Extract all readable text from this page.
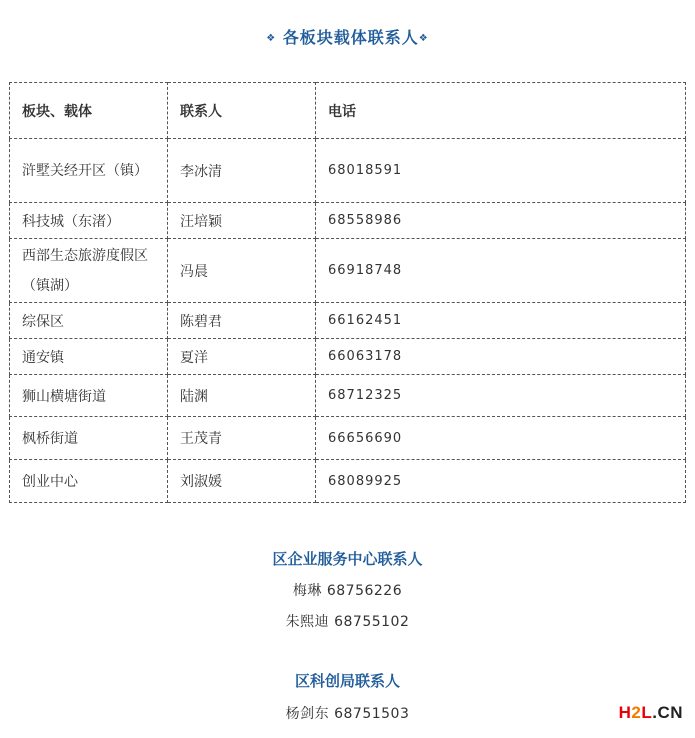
❖ 各板块载体联系人❖
板块、载体	联系人	电话
浒墅关经开区（镇）	李冰清	68018591
科技城（东渚）	汪培颖	68558986
西部生态旅游度假区（镇湖）	冯晨	66918748
综保区	陈碧君	66162451
通安镇	夏洋	66063178
狮山横塘街道	陆渊	68712325
枫桥街道	王茂青	66656690
创业中心	刘淑媛	68089925
区企业服务中心联系人
梅琳 68756226
朱熙迪 68755102
区科创局联系人
杨剑东 68751503	H2L.CN
